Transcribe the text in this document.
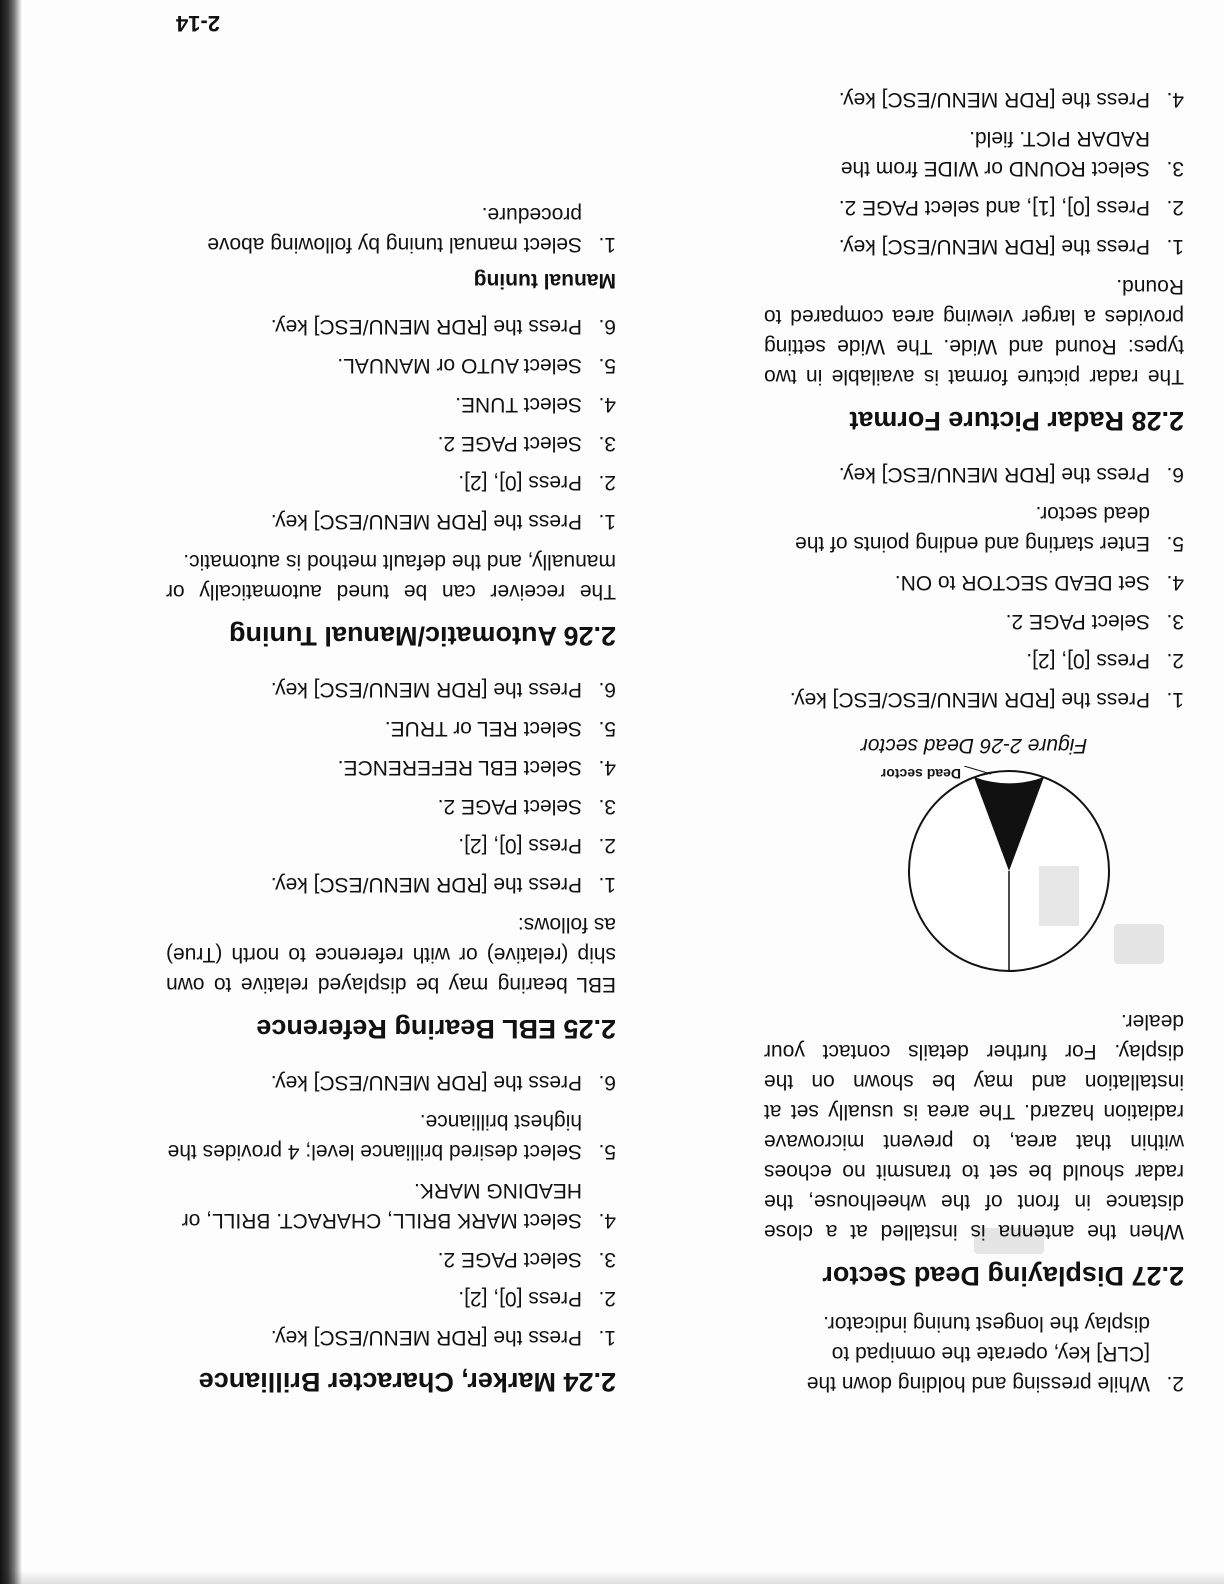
2.
While pressing and holding down the [CLR] key, operate the omnipad to display the longest tuning indicator.
2.27 Displaying Dead Sector

When the antenna is installed at a close distance in front of the wheelhouse, the radar should be set to transmit no echoes within that area, to prevent microwave radiation hazard. The area is usually set at installation and may be shown on the display. For further details contact your dealer.

Dead sector
Figure 2-26 Dead sector
1.
Press the [RDR MENU/ESC/ESC] key.
2.
Press [0], [2].
3.
Select PAGE 2.
4.
Set DEAD SECTOR to ON.
5.
Enter starting and ending points of the dead sector.
6.
Press the [RDR MENU/ESC] key.
2.28 Radar Picture Format

The radar picture format is available in two types: Round and Wide. The Wide setting provides a larger viewing area compared to Round.

1.
Press the [RDR MENU/ESC] key.
2.
Press [0], [1], and select PAGE 2.
3.
Select ROUND or WIDE from the RADAR PICT. field.
4.
Press the [RDR MENU/ESC] key.
2.24 Marker, Character Brilliance
1.
Press the [RDR MENU/ESC] key.
2.
Press [0], [2].
3.
Select PAGE 2.
4.
Select MARK BRILL, CHARACT. BRILL, or HEADING MARK.
5.
Select desired brilliance level; 4 provides the highest brilliance.
6.
Press the [RDR MENU/ESC] key.
2.25 EBL Bearing Reference

EBL bearing may be displayed relative to own ship (relative) or with reference to north (True) as follows:

1.
Press the [RDR MENU/ESC] key.
2.
Press [0], [2].
3.
Select PAGE 2.
4.
Select EBL REFERENCE.
5.
Select REL or TRUE.
6.
Press the [RDR MENU/ESC] key.
2.26 Automatic/Manual Tuning

The receiver can be tuned automatically or manually, and the default method is automatic.

1.
Press the [RDR MENU/ESC] key.
2.
Press [0], [2].
3.
Select PAGE 2.
4.
Select TUNE.
5.
Select AUTO or MANUAL.
6.
Press the [RDR MENU/ESC] key.
Manual tuning
1.
Select manual tuning by following above procedure.
2-14
